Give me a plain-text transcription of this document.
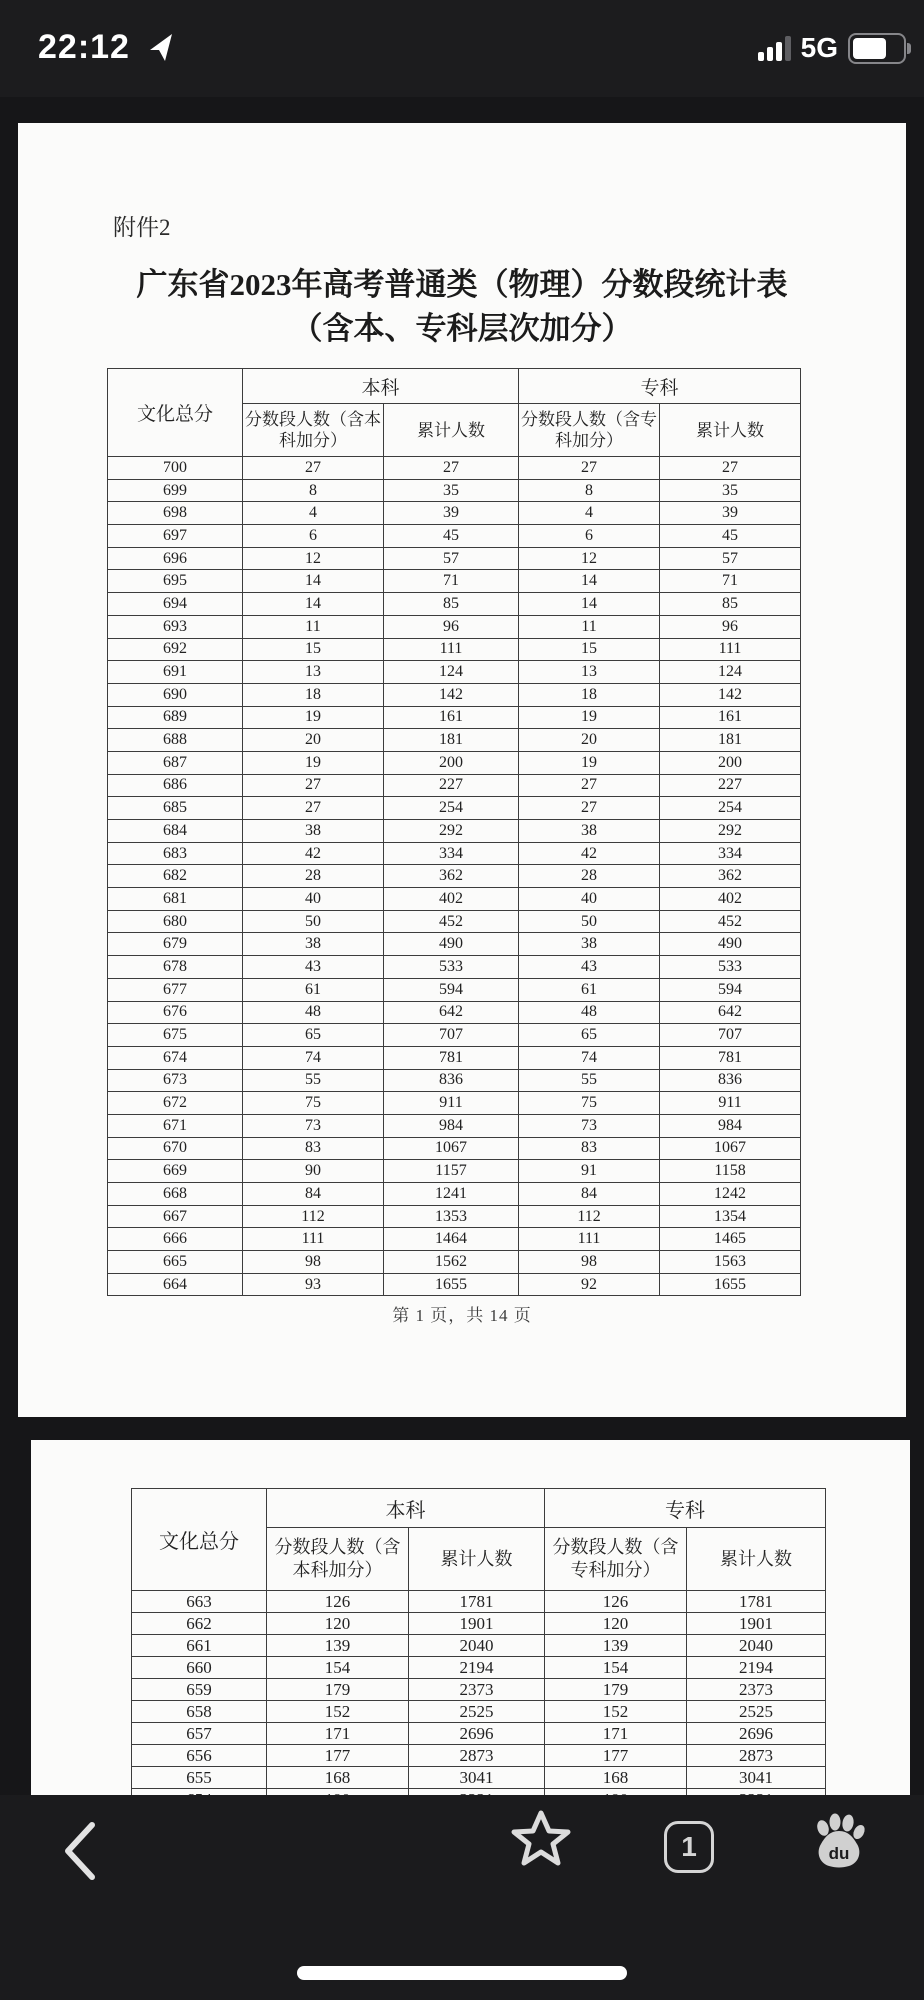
22:12	5G
附件2
广东省2023年高考普通类（物理）分数段统计表
（含本、专科层次加分）
文化总分	本科		专科	
	分数段人数（含本科加分）	累计人数	分数段人数（含专科加分）	累计人数
700	27	27	27	27
699	8	35	8	35
698	4	39	4	39
697	6	45	6	45
696	12	57	12	57
695	14	71	14	71
694	14	85	14	85
693	11	96	11	96
692	15	111	15	111
691	13	124	13	124
690	18	142	18	142
689	19	161	19	161
688	20	181	20	181
687	19	200	19	200
686	27	227	27	227
685	27	254	27	254
684	38	292	38	292
683	42	334	42	334
682	28	362	28	362
681	40	402	40	402
680	50	452	50	452
679	38	490	38	490
678	43	533	43	533
677	61	594	61	594
676	48	642	48	642
675	65	707	65	707
674	74	781	74	781
673	55	836	55	836
672	75	911	75	911
671	73	984	73	984
670	83	1067	83	1067
669	90	1157	91	1158
668	84	1241	84	1242
667	112	1353	112	1354
666	111	1464	111	1465
665	98	1562	98	1563
664	93	1655	92	1655
第 1 页，共 14 页
文化总分	本科		专科	
	分数段人数（含本科加分）	累计人数	分数段人数（含专科加分）	累计人数
663	126	1781	126	1781
662	120	1901	120	1901
661	139	2040	139	2040
660	154	2194	154	2194
659	179	2373	179	2373
658	152	2525	152	2525
657	171	2696	171	2696
656	177	2873	177	2873
655	168	3041	168	3041

1	du
